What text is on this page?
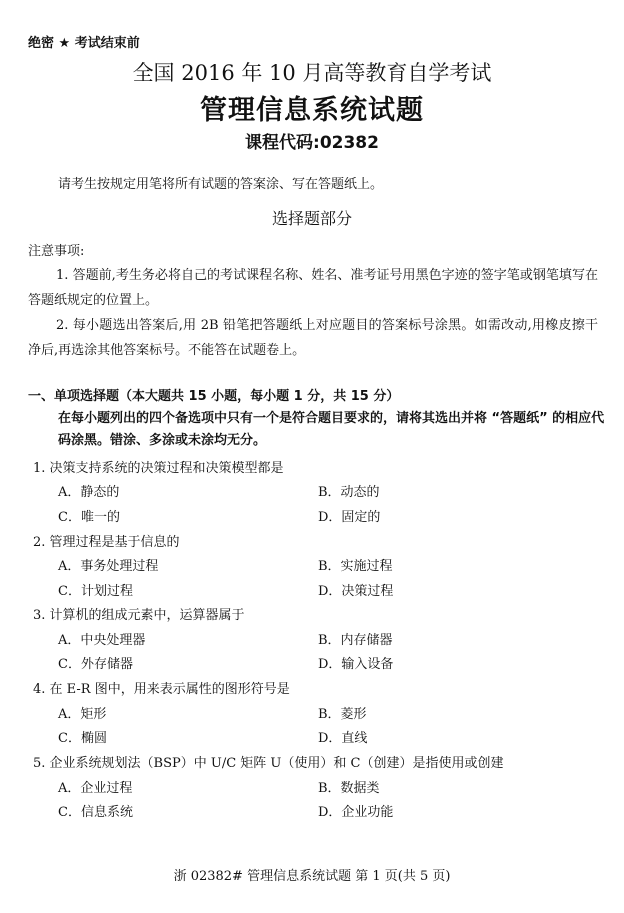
绝密 ★ 考试结束前
全国 2016 年 10 月高等教育自学考试
管理信息系统试题
课程代码:02382
请考生按规定用笔将所有试题的答案涂、写在答题纸上。
选择题部分
注意事项:
1. 答题前,考生务必将自己的考试课程名称、姓名、准考证号用黑色字迹的签字笔或钢笔填写在答题纸规定的位置上。
2. 每小题选出答案后,用 2B 铅笔把答题纸上对应题目的答案标号涂黑。如需改动,用橡皮擦干净后,再选涂其他答案标号。不能答在试题卷上。
一、单项选择题（本大题共 15 小题，每小题 1 分，共 15 分）
在每小题列出的四个备选项中只有一个是符合题目要求的，请将其选出并将 “答题纸” 的相应代码涂黑。错涂、多涂或未涂均无分。
1. 决策支持系统的决策过程和决策模型都是
A．静态的	B．动态的
C．唯一的	D．固定的
2. 管理过程是基于信息的
A．事务处理过程	B．实施过程
C．计划过程	D．决策过程
3. 计算机的组成元素中，运算器属于
A．中央处理器	B．内存储器
C．外存储器	D．输入设备
4. 在 E-R 图中，用来表示属性的图形符号是
A．矩形	B．菱形
C．椭圆	D．直线
5. 企业系统规划法（BSP）中 U/C 矩阵 U（使用）和 C（创建）是指使用或创建
A．企业过程	B．数据类
C．信息系统	D．企业功能
浙 02382# 管理信息系统试题 第 1 页(共 5 页)
